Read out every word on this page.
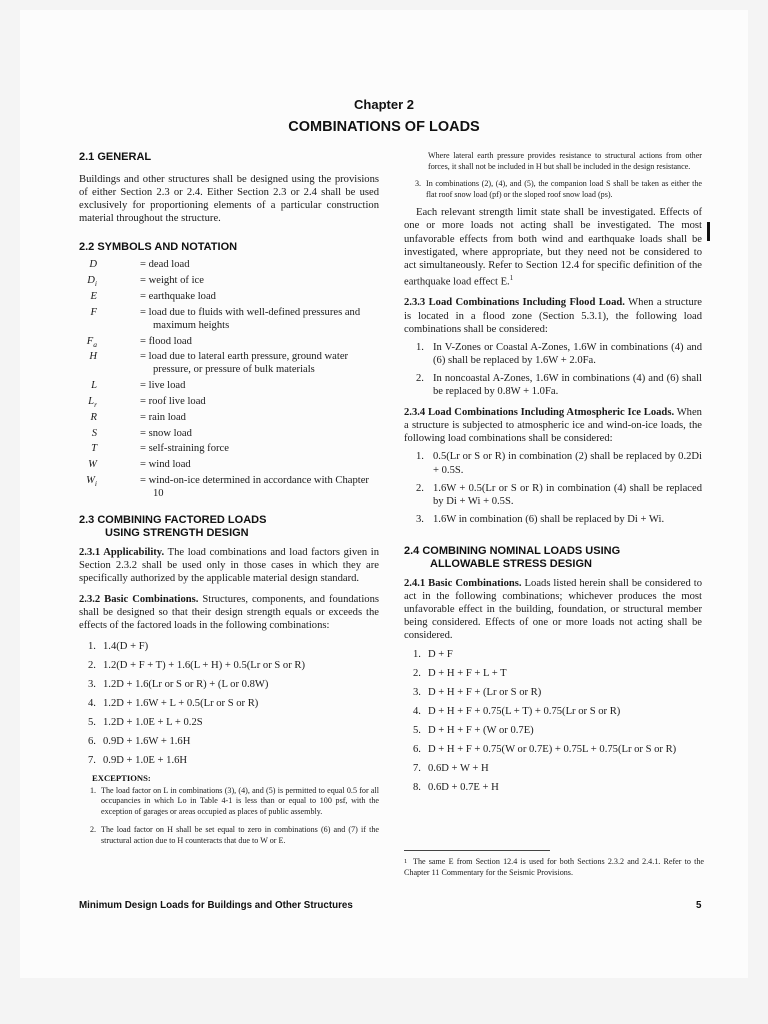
Chapter 2
COMBINATIONS OF LOADS
2.1 GENERAL

Buildings and other structures shall be designed using the provisions of either Section 2.3 or 2.4. Either Section 2.3 or 2.4 shall be used exclusively for proportioning elements of a particular construction material throughout the structure.

2.2 SYMBOLS AND NOTATION
D	= dead load
$D_i$	= weight of ice
E	= earthquake load
F	= load due to fluids with well-defined pressures and maximum heights
$F_a$	= flood load
H	= load due to lateral earth pressure, ground water pressure, or pressure of bulk materials
L	= live load
$L_r$	= roof live load
R	= rain load
S	= snow load
T	= self-straining force
W	= wind load
$W_i$	= wind-on-ice determined in accordance with Chapter 10
2.3 COMBINING FACTORED LOADS
USING STRENGTH DESIGN

2.3.1 Applicability. The load combinations and load factors given in Section 2.3.2 shall be used only in those cases in which they are specifically authorized by the applicable material design standard.

2.3.2 Basic Combinations. Structures, components, and foundations shall be designed so that their design strength equals or exceeds the effects of the factored loads in the following combinations:

1. 1.4(D + F)
2. 1.2(D + F + T) + 1.6(L + H) + 0.5(Lr or S or R)
3. 1.2D + 1.6(Lr or S or R) + (L or 0.8W)
4. 1.2D + 1.6W + L + 0.5(Lr or S or R)
5. 1.2D + 1.0E + L + 0.2S
6. 0.9D + 1.6W + 1.6H
7. 0.9D + 1.0E + 1.6H
EXCEPTIONS:
1. The load factor on L in combinations (3), (4), and (5) is permitted to equal 0.5 for all occupancies in which Lo in Table 4-1 is less than or equal to 100 psf, with the exception of garages or areas occupied as places of public assembly.
2. The load factor on H shall be set equal to zero in combinations (6) and (7) if the structural action due to H counteracts that due to W or E.
Where lateral earth pressure provides resistance to structural actions from other forces, it shall not be included in H but shall be included in the design resistance.
3. In combinations (2), (4), and (5), the companion load S shall be taken as either the flat roof snow load (pf) or the sloped roof snow load (ps).

Each relevant strength limit state shall be investigated. Effects of one or more loads not acting shall be investigated. The most unfavorable effects from both wind and earthquake loads shall be investigated, where appropriate, but they need not be considered to act simultaneously. Refer to Section 12.4 for specific definition of the earthquake load effect E.$^1$

2.3.3 Load Combinations Including Flood Load. When a structure is located in a flood zone (Section 5.3.1), the following load combinations shall be considered:

1. In V-Zones or Coastal A-Zones, 1.6W in combinations (4) and (6) shall be replaced by 1.6W + 2.0Fa.
2. In noncoastal A-Zones, 1.6W in combinations (4) and (6) shall be replaced by 0.8W + 1.0Fa.

2.3.4 Load Combinations Including Atmospheric Ice Loads. When a structure is subjected to atmospheric ice and wind-on-ice loads, the following load combinations shall be considered:

1. 0.5(Lr or S or R) in combination (2) shall be replaced by 0.2Di + 0.5S.
2. 1.6W + 0.5(Lr or S or R) in combination (4) shall be replaced by Di + Wi + 0.5S.
3. 1.6W in combination (6) shall be replaced by Di + Wi.
2.4 COMBINING NOMINAL LOADS USING
ALLOWABLE STRESS DESIGN

2.4.1 Basic Combinations. Loads listed herein shall be considered to act in the following combinations; whichever produces the most unfavorable effect in the building, foundation, or structural member being considered. Effects of one or more loads not acting shall be considered.

1. D + F
2. D + H + F + L + T
3. D + H + F + (Lr or S or R)
4. D + H + F + 0.75(L + T) + 0.75(Lr or S or R)
5. D + H + F + (W or 0.7E)
6. D + H + F + 0.75(W or 0.7E) + 0.75L + 0.75(Lr or S or R)
7. 0.6D + W + H
8. 0.6D + 0.7E + H
1 The same E from Section 12.4 is used for both Sections 2.3.2 and 2.4.1. Refer to the Chapter 11 Commentary for the Seismic Provisions.
Minimum Design Loads for Buildings and Other Structures	5
